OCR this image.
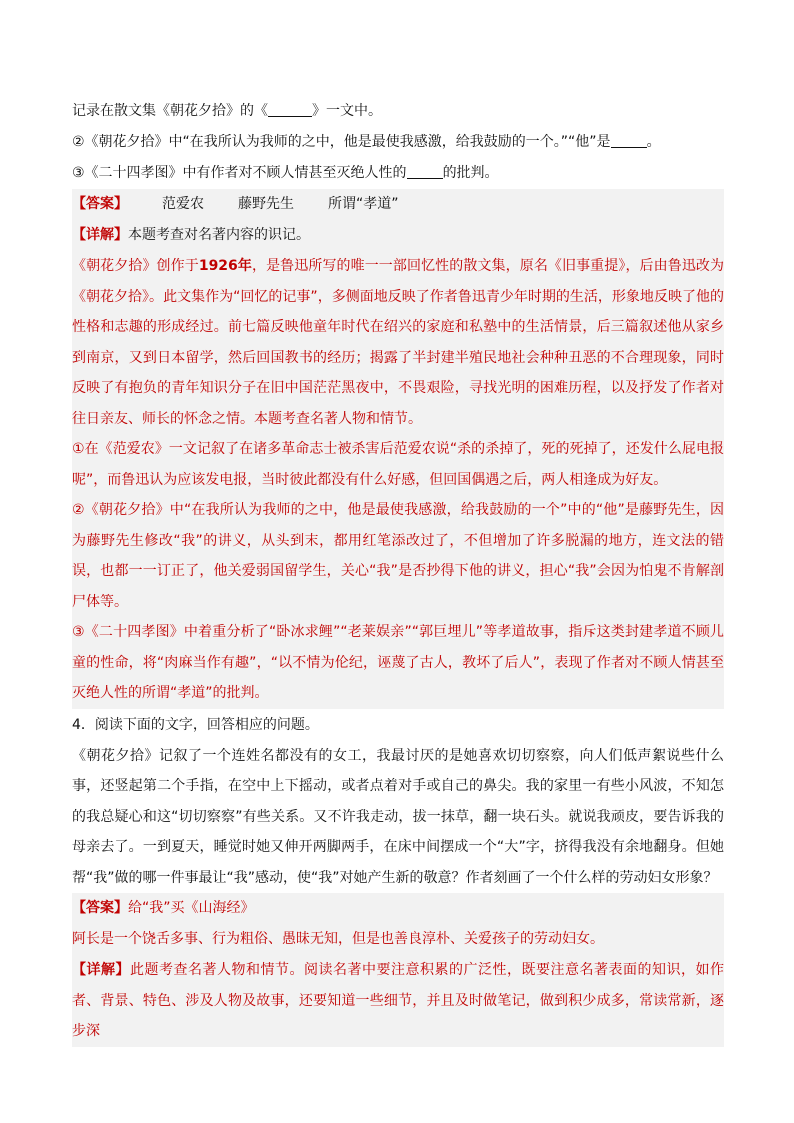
记录在散文集《朝花夕拾》的《	》一文中。
②《朝花夕拾》中“在我所认为我师的之中，他是最使我感激，给我鼓励的一个。”“他”是	。
③《二十四孝图》中有作者对不顾人情甚至灭绝人性的	的批判。
【答案】 范爱农 藤野先生 所谓“孝道”
【详解】本题考查对名著内容的识记。
《朝花夕拾》创作于1926年，是鲁迅所写的唯一一部回忆性的散文集，原名《旧事重提》，后由鲁迅改为《朝花夕拾》。此文集作为“回忆的记事”，多侧面地反映了作者鲁迅青少年时期的生活，形象地反映了他的性格和志趣的形成经过。前七篇反映他童年时代在绍兴的家庭和私塾中的生活情景，后三篇叙述他从家乡到南京，又到日本留学，然后回国教书的经历；揭露了半封建半殖民地社会种种丑恶的不合理现象，同时反映了有抱负的青年知识分子在旧中国茫茫黑夜中，不畏艰险，寻找光明的困难历程，以及抒发了作者对往日亲友、师长的怀念之情。本题考查名著人物和情节。
①在《范爱农》一文记叙了在诸多革命志士被杀害后范爱农说“杀的杀掉了，死的死掉了，还发什么屁电报呢”，而鲁迅认为应该发电报，当时彼此都没有什么好感，但回国偶遇之后，两人相逢成为好友。
②《朝花夕拾》中“在我所认为我师的之中，他是最使我感激，给我鼓励的一个”中的“他”是藤野先生，因为藤野先生修改“我”的讲义，从头到末，都用红笔添改过了，不但增加了许多脱漏的地方，连文法的错误，也都一一订正了，他关爱弱国留学生，关心“我”是否抄得下他的讲义，担心“我”会因为怕鬼不肯解剖尸体等。
③《二十四孝图》中着重分析了“卧冰求鲤”“老莱娱亲”“郭巨埋儿”等孝道故事，指斥这类封建孝道不顾儿童的性命，将“肉麻当作有趣”，“以不情为伦纪，诬蔑了古人，教坏了后人”，表现了作者对不顾人情甚至灭绝人性的所谓“孝道”的批判。
4．阅读下面的文字，回答相应的问题。
《朝花夕拾》记叙了一个连姓名都没有的女工，我最讨厌的是她喜欢切切察察，向人们低声絮说些什么事，还竖起第二个手指，在空中上下摇动，或者点着对手或自己的鼻尖。我的家里一有些小风波，不知怎的我总疑心和这“切切察察”有些关系。又不许我走动，拔一抹草，翻一块石头。就说我顽皮，要告诉我的母亲去了。一到夏天，睡觉时她又伸开两脚两手，在床中间摆成一个“大”字，挤得我没有余地翻身。但她帮“我”做的哪一件事最让“我”感动，使“我”对她产生新的敬意？作者刻画了一个什么样的劳动妇女形象？
【答案】给“我”买《山海经》
阿长是一个饶舌多事、行为粗俗、愚昧无知，但是也善良淳朴、关爱孩子的劳动妇女。
【详解】此题考查名著人物和情节。阅读名著中要注意积累的广泛性，既要注意名著表面的知识，如作者、背景、特色、涉及人物及故事，还要知道一些细节，并且及时做笔记，做到积少成多，常读常新，逐步深
